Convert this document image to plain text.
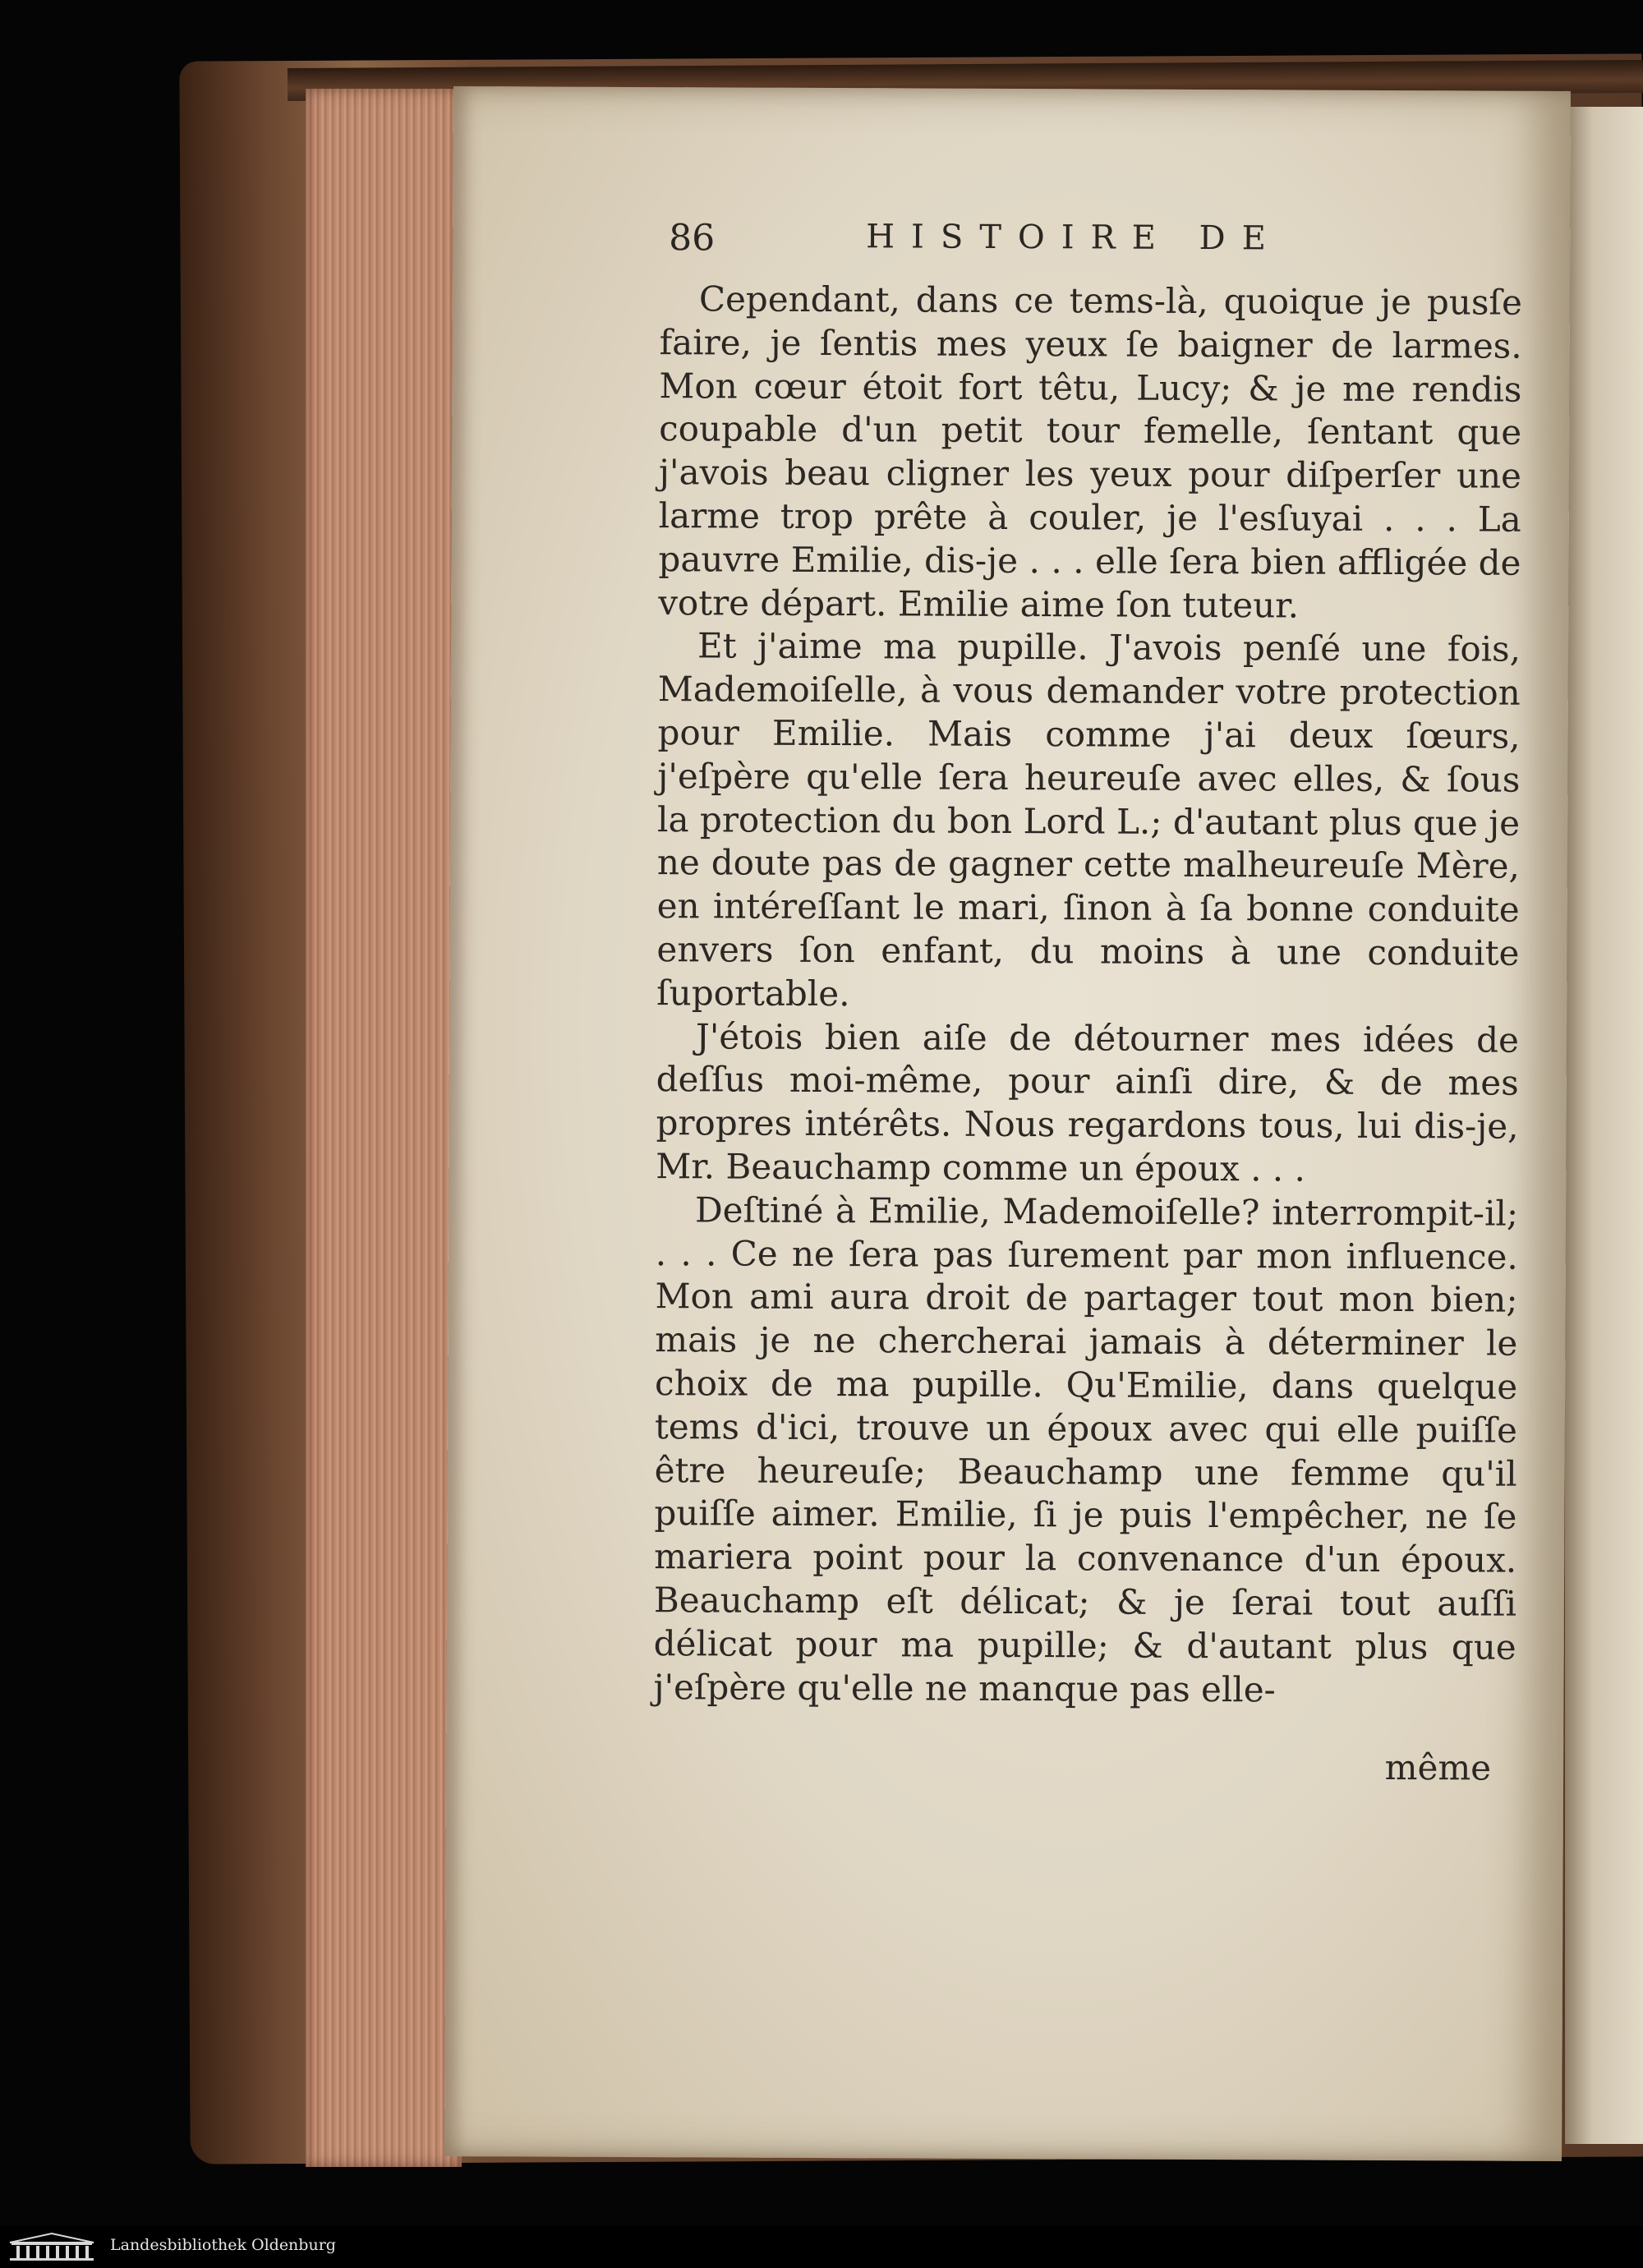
86

	HISTOIRE DE

Cependant, dans ce tems-là, quoique je pusſe faire, je ſentis mes yeux ſe baigner de larmes. Mon cœur étoit fort têtu, Lucy; & je me rendis coupable d'un petit tour femelle, ſentant que j'avois beau cligner les yeux pour diſperſer une larme trop prête à couler, je l'esſuyai . . . La pauvre Emilie, dis-je . . . elle ſera bien affligée de votre départ. Emilie aime ſon tuteur.

Et j'aime ma pupille. J'avois penſé une fois, Mademoiſelle, à vous demander votre protection pour Emilie. Mais comme j'ai deux ſœurs, j'eſpère qu'elle ſera heureuſe avec elles, & ſous la protection du bon Lord L.; d'autant plus que je ne doute pas de gagner cette malheureuſe Mère, en intéreſſant le mari, ſinon à ſa bonne conduite envers ſon enfant, du moins à une conduite ſuportable.

J'étois bien aiſe de détourner mes idées de deſſus moi-même, pour ainſi dire, & de mes propres intérêts. Nous regardons tous, lui dis-je, Mr. Beauchamp comme un époux . . .

Deſtiné à Emilie, Mademoiſelle? interrompit-il; . . . Ce ne ſera pas ſurement par mon influence. Mon ami aura droit de partager tout mon bien; mais je ne chercherai jamais à déterminer le choix de ma pupille. Qu'Emilie, dans quelque tems d'ici, trouve un époux avec qui elle puiſſe être heureuſe; Beauchamp une femme qu'il puiſſe aimer. Emilie, ſi je puis l'empêcher, ne ſe mariera point pour la convenance d'un époux. Beauchamp eſt délicat; & je ſerai tout auſſi délicat pour ma pupille; & d'autant plus que j'eſpère qu'elle ne manque pas elle-

même
Landesbibliothek Oldenburg
